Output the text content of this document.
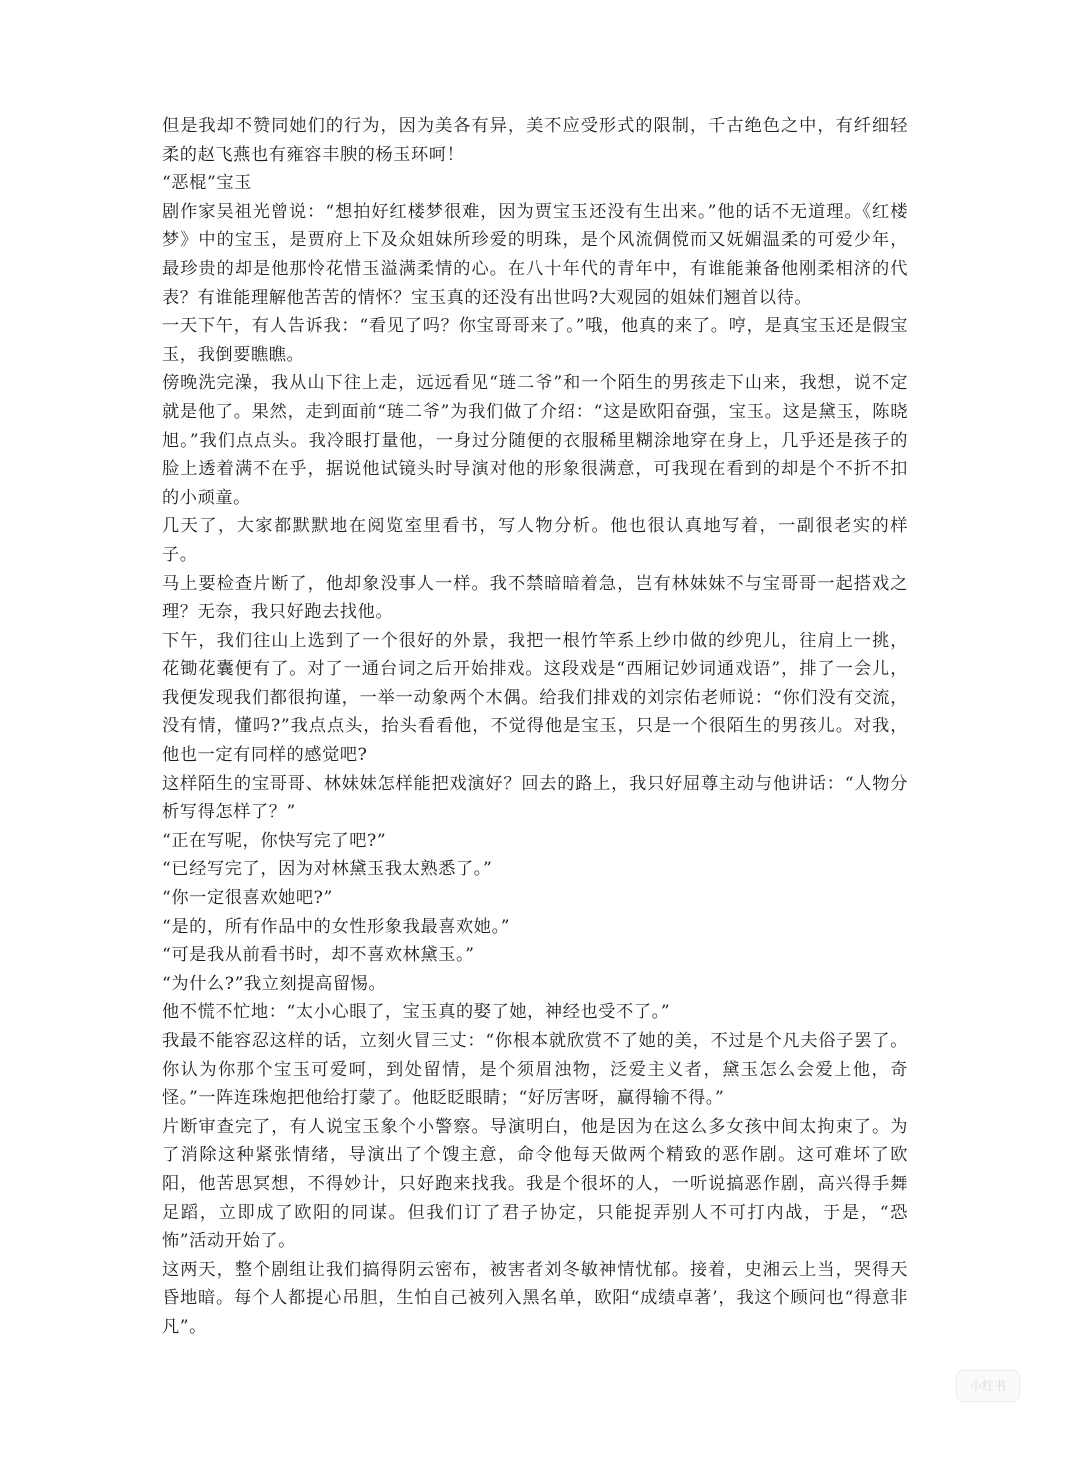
但是我却不赞同她们的行为，因为美各有异，美不应受形式的限制，千古绝色之中，有纤细轻柔的赵飞燕也有雍容丰腴的杨玉环呵！

“恶棍”宝玉

剧作家吴祖光曾说：“想拍好红楼梦很难，因为贾宝玉还没有生出来。”他的话不无道理。《红楼梦》中的宝玉，是贾府上下及众姐妹所珍爱的明珠，是个风流倜傥而又妩媚温柔的可爱少年，最珍贵的却是他那怜花惜玉溢满柔情的心。在八十年代的青年中，有谁能兼备他刚柔相济的代表？有谁能理解他苦苦的情怀？宝玉真的还没有出世吗?大观园的姐妹们翘首以待。

一天下午，有人告诉我：“看见了吗？你宝哥哥来了。”哦，他真的来了。哼，是真宝玉还是假宝玉，我倒要瞧瞧。

傍晚洗完澡，我从山下往上走，远远看见“琏二爷”和一个陌生的男孩走下山来，我想，说不定就是他了。果然，走到面前“琏二爷”为我们做了介绍：“这是欧阳奋强，宝玉。这是黛玉，陈晓旭。”我们点点头。我冷眼打量他，一身过分随便的衣服稀里糊涂地穿在身上，几乎还是孩子的脸上透着满不在乎，据说他试镜头时导演对他的形象很满意，可我现在看到的却是个不折不扣的小顽童。

几天了，大家都默默地在阅览室里看书，写人物分析。他也很认真地写着，一副很老实的样子。

马上要检查片断了，他却象没事人一样。我不禁暗暗着急，岂有林妹妹不与宝哥哥一起搭戏之理？无奈，我只好跑去找他。

下午，我们往山上选到了一个很好的外景，我把一根竹竿系上纱巾做的纱兜儿，往肩上一挑，花锄花囊便有了。对了一通台词之后开始排戏。这段戏是“西厢记妙词通戏语”，排了一会儿，我便发现我们都很拘谨，一举一动象两个木偶。给我们排戏的刘宗佑老师说：“你们没有交流，没有情，懂吗?”我点点头，抬头看看他，不觉得他是宝玉，只是一个很陌生的男孩儿。对我，他也一定有同样的感觉吧?

这样陌生的宝哥哥、林妹妹怎样能把戏演好？回去的路上，我只好屈尊主动与他讲话：“人物分析写得怎样了？”

“正在写呢，你快写完了吧?”

“已经写完了，因为对林黛玉我太熟悉了。”

“你一定很喜欢她吧?”

“是的，所有作品中的女性形象我最喜欢她。”

“可是我从前看书时，却不喜欢林黛玉。”

“为什么?”我立刻提高留惕。

他不慌不忙地：“太小心眼了，宝玉真的娶了她，神经也受不了。”

我最不能容忍这样的话，立刻火冒三丈：“你根本就欣赏不了她的美，不过是个凡夫俗子罢了。你认为你那个宝玉可爱呵，到处留情，是个须眉浊物，泛爱主义者，黛玉怎么会爱上他，奇怪。”一阵连珠炮把他给打蒙了。他眨眨眼睛；“好厉害呀，赢得输不得。”

片断审查完了，有人说宝玉象个小警察。导演明白，他是因为在这么多女孩中间太拘束了。为了消除这种紧张情绪，导演出了个馊主意，命令他每天做两个精致的恶作剧。这可难坏了欧阳，他苦思冥想，不得妙计，只好跑来找我。我是个很坏的人，一听说搞恶作剧，高兴得手舞足蹈，立即成了欧阳的同谋。但我们订了君子协定，只能捉弄别人不可打内战，于是，“恐怖”活动开始了。

这两天，整个剧组让我们搞得阴云密布，被害者刘冬敏神情忧郁。接着，史湘云上当，哭得天昏地暗。每个人都提心吊胆，生怕自己被列入黑名单，欧阳“成绩卓著’，我这个顾问也“得意非凡”。

小红书
